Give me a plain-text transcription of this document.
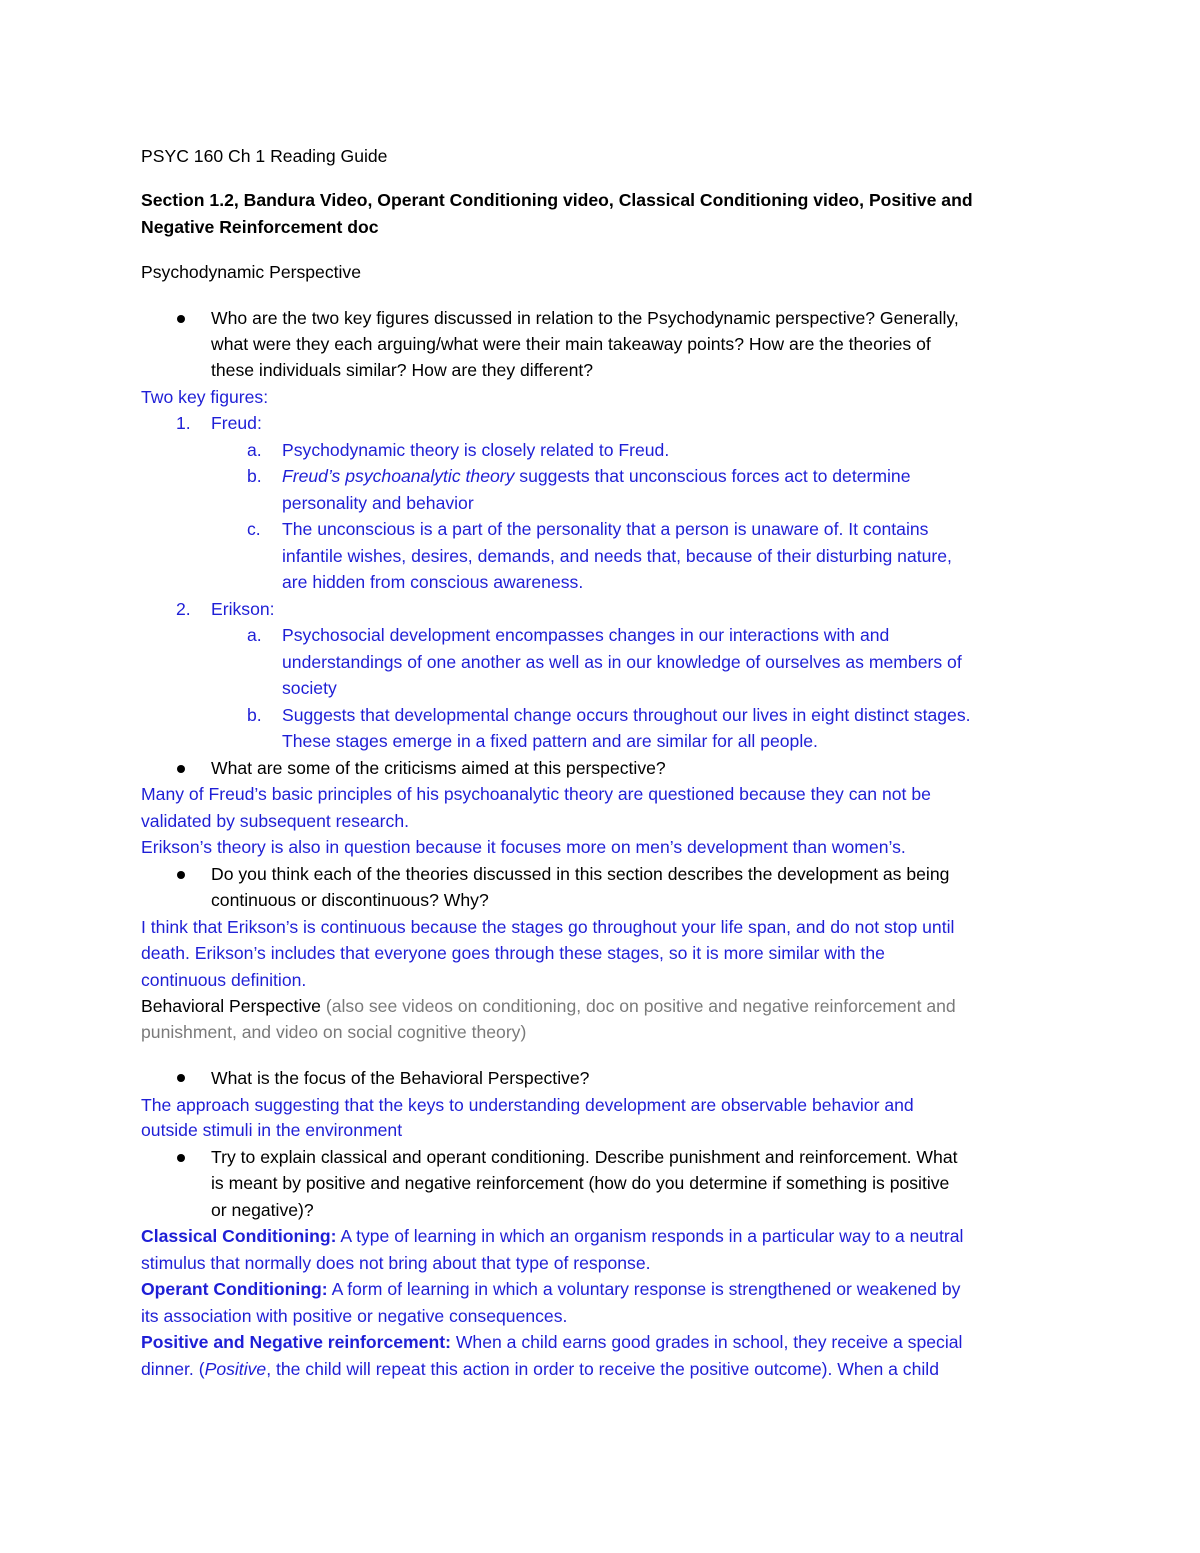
PSYC 160 Ch 1 Reading Guide
Section 1.2, Bandura Video, Operant Conditioning video, Classical Conditioning video, Positive and
Negative Reinforcement doc
Psychodynamic Perspective
Who are the two key figures discussed in relation to the Psychodynamic perspective? Generally,
what were they each arguing/what were their main takeaway points? How are the theories of
these individuals similar? How are they different?
Two key figures:
1. Freud:
a. Psychodynamic theory is closely related to Freud.
b. Freud’s psychoanalytic theory suggests that unconscious forces act to determine
personality and behavior
c. The unconscious is a part of the personality that a person is unaware of. It contains
infantile wishes, desires, demands, and needs that, because of their disturbing nature,
are hidden from conscious awareness.
2. Erikson:
a. Psychosocial development encompasses changes in our interactions with and
understandings of one another as well as in our knowledge of ourselves as members of
society
b. Suggests that developmental change occurs throughout our lives in eight distinct stages.
These stages emerge in a fixed pattern and are similar for all people.
What are some of the criticisms aimed at this perspective?
Many of Freud’s basic principles of his psychoanalytic theory are questioned because they can not be
validated by subsequent research.
Erikson’s theory is also in question because it focuses more on men’s development than women’s.
Do you think each of the theories discussed in this section describes the development as being
continuous or discontinuous? Why?
I think that Erikson’s is continuous because the stages go throughout your life span, and do not stop until
death. Erikson’s includes that everyone goes through these stages, so it is more similar with the
continuous definition.
Behavioral Perspective (also see videos on conditioning, doc on positive and negative reinforcement and
punishment, and video on social cognitive theory)
What is the focus of the Behavioral Perspective?
The approach suggesting that the keys to understanding development are observable behavior and
outside stimuli in the environment
Try to explain classical and operant conditioning. Describe punishment and reinforcement. What
is meant by positive and negative reinforcement (how do you determine if something is positive
or negative)?
Classical Conditioning: A type of learning in which an organism responds in a particular way to a neutral
stimulus that normally does not bring about that type of response.
Operant Conditioning: A form of learning in which a voluntary response is strengthened or weakened by
its association with positive or negative consequences.
Positive and Negative reinforcement: When a child earns good grades in school, they receive a special
dinner. (Positive, the child will repeat this action in order to receive the positive outcome). When a child
